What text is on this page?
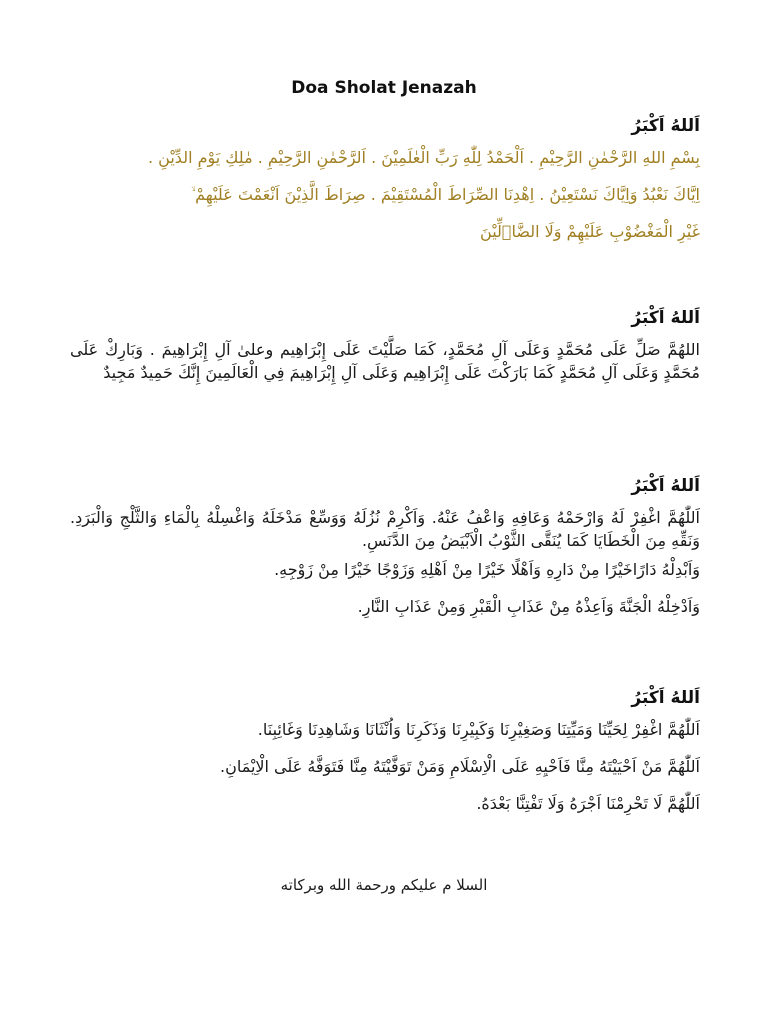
Doa Sholat Jenazah
اَللهُ اَكْبَرُ
بِسْمِ اللهِ الرَّحْمٰنِ الرَّحِيْمِ . اَلْحَمْدُ لِلّٰهِ رَبِّ الْعٰلَمِيْنَ . اَلرَّحْمٰنِ الرَّحِيْمِ . مٰلِكِ يَوْمِ الدِّيْنِ .
اِيَّاكَ نَعْبُدُ وَاِيَّاكَ نَسْتَعِيْنُ . اِهْدِنَا الصِّرَاطَ الْمُسْتَقِيْمَ . صِرَاطَ الَّذِيْنَ اَنْعَمْتَ عَلَيْهِمْ ۙ
غَيْرِ الْمَغْضُوْبِ عَلَيْهِمْ وَلَا الضَّاۤلِّيْنَ
اَللهُ اَكْبَرُ
اللهُمَّ صَلِّ عَلَى مُحَمَّدٍ وَعَلَى آلِ مُحَمَّدٍ، كَمَا صَلَّيْتَ عَلَى إِبْرَاهِيم وعلىٰ آلِ إِبْرَاهِيمَ . وَبَارِكْ عَلَى مُحَمَّدٍ وَعَلَى آلِ مُحَمَّدٍ كَمَا بَارَكْتَ عَلَى إِبْرَاهِيم وَعَلَى آلِ إِبْرَاهِيمَ فِي الْعَالَمِينَ إِنَّكَ حَمِيدٌ مَجِيدٌ
اَللهُ اَكْبَرُ
اَللّٰهُمَّ اغْفِرْ لَهُ وَارْحَمْهُ وَعَافِهِ وَاعْفُ عَنْهُ. وَاَكْرِمْ نُزُلَهُ وَوَسِّعْ مَدْخَلَهُ وَاغْسِلْهُ بِالْمَاءِ وَالثَّلْجِ وَالْبَرَدِ. وَنَقِّهِ مِنَ الْخَطَايَا كَمَا يُنَقَّى الثَّوْبُ الْاَبْيَضُ مِنَ الدَّنَسِ.
وَاَبْدِلْهُ دَارًاخَيْرًا مِنْ دَارِهِ وَاَهْلًا خَيْرًا مِنْ اَهْلِهِ وَزَوْجًا خَيْرًا مِنْ زَوْجِهِ.
وَاَدْخِلْهُ الْجَنَّةَ وَاَعِذْهُ مِنْ عَذَابِ الْقَبْرِ وَمِنْ عَذَابِ النَّارِ.
اَللهُ اَكْبَرُ
اَللّٰهُمَّ اغْفِرْ لِحَيِّنَا وَمَيِّتِنَا وَصَغِيْرِنَا وَكَبِيْرِنَا وَذَكَرِنَا وَاُنْثَانَا وَشَاهِدِنَا وَغَائِبِنَا.
اَللّٰهُمَّ مَنْ اَحْيَيْتَهُ مِنَّا فَاَحْيِهِ عَلَى الْاِسْلَامِ وَمَنْ تَوَفَّيْتَهُ مِنَّا فَتَوَفَّهُ عَلَى الْاِيْمَانِ.
اَللّٰهُمَّ لَا تَحْرِمْنَا اَجْرَهُ وَلَا تَفْتِنَّا بَعْدَهُ.
السلا م عليكم ورحمة الله وبركاته
